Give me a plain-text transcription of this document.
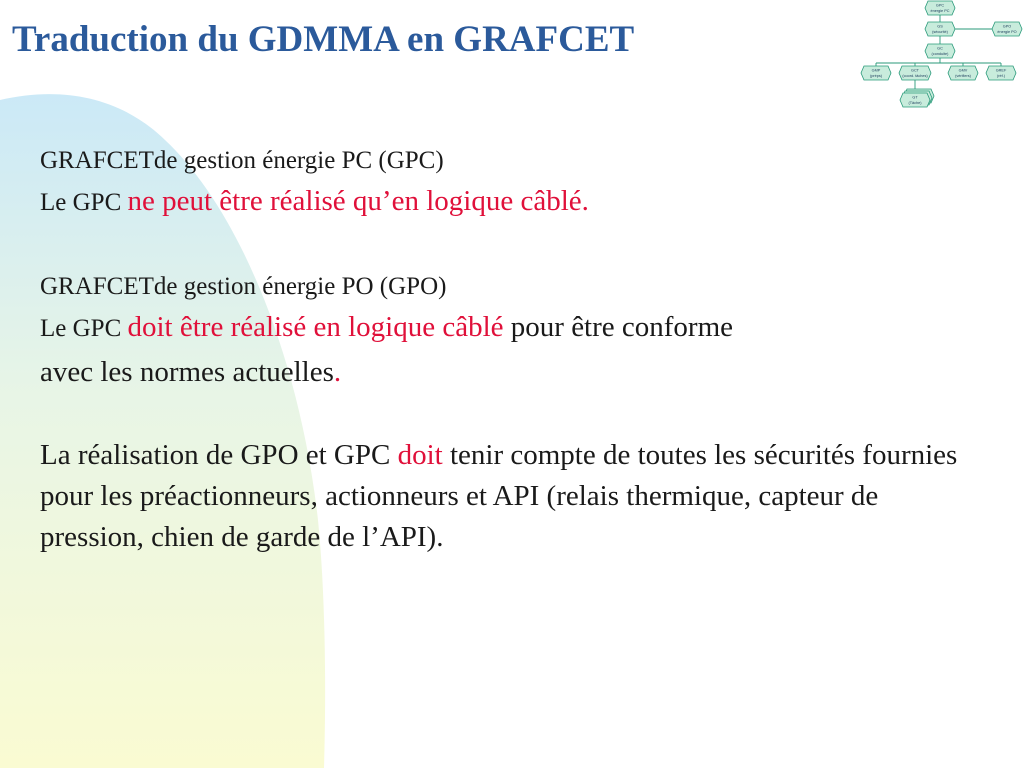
Traduction du GDMMA en GRAFCET

GRAFCETde gestion énergie PC (GPC)

Le GPC ne peut être réalisé qu’en logique câblé.

GRAFCETde gestion énergie PO (GPO)

Le GPC doit être réalisé en logique câblé pour être conforme

avec les normes actuelles.

La réalisation de GPO et GPC doit tenir compte de toutes les sécurités fournies pour les préactionneurs, actionneurs et API (relais thermique, capteur de pression, chien de garde de l’API).

GPC
énergie PC
GS
(sécurité)
GPO
énergie PO
GC
(conduite)
GMP
(préps)
GCT
(coord. tâches)
GMV
(vérifiers)
GREF
(réf.)
GT
(Tâche)
